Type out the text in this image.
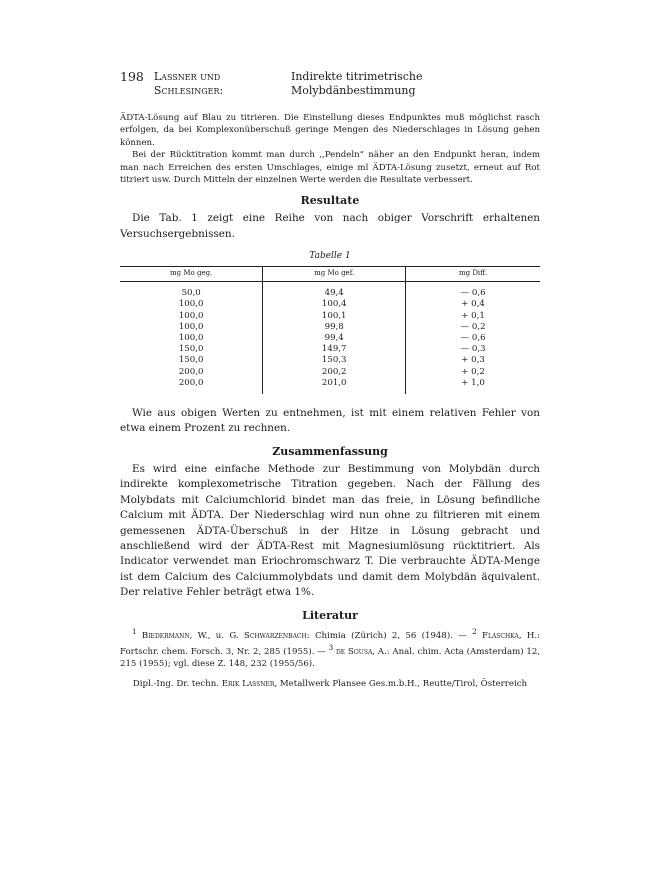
198 Lassner und Schlesinger:

Indirekte titrimetrische Molybdänbestimmung

ÄDTA-Lösung auf Blau zu titrieren. Die Einstellung dieses Endpunktes muß möglichst rasch erfolgen, da bei Komplexonüberschuß geringe Mengen des Niederschlages in Lösung gehen können.

Bei der Rücktitration kommt man durch ,,Pendeln“ näher an den Endpunkt heran, indem man nach Erreichen des ersten Umschlages, einige ml ÄDTA-Lösung zusetzt, erneut auf Rot titriert usw. Durch Mitteln der einzelnen Werte werden die Resultate verbessert.

Resultate

Die Tab. 1 zeigt eine Reihe von nach obiger Vorschrift erhaltenen Versuchsergebnissen.

Tabelle 1
mg Mo geg.	mg Mo gef.	mg Diff.
50,0	49,4	— 0,6
100,0	100,4	+ 0,4
100,0	100,1	+ 0,1
100,0	99,8	— 0,2
100,0	99,4	— 0,6
150,0	149,7	— 0,3
150,0	150,3	+ 0,3
200,0	200,2	+ 0,2
200,0	201,0	+ 1,0

Wie aus obigen Werten zu entnehmen, ist mit einem relativen Fehler von etwa einem Prozent zu rechnen.

Zusammenfassung

Es wird eine einfache Methode zur Bestimmung von Molybdän durch indirekte komplexometrische Titration gegeben. Nach der Fällung des Molybdats mit Calciumchlorid bindet man das freie, in Lösung befindliche Calcium mit ÄDTA. Der Niederschlag wird nun ohne zu filtrieren mit einem gemessenen ÄDTA-Überschuß in der Hitze in Lösung gebracht und anschließend wird der ÄDTA-Rest mit Magnesiumlösung rücktitriert. Als Indicator verwendet man Eriochromschwarz T. Die verbrauchte ÄDTA-Menge ist dem Calcium des Calciummolybdats und damit dem Molybdän äquivalent. Der relative Fehler beträgt etwa 1%.

Literatur

$^1$ Biedermann, W., u. G. Schwarzenbach: Chimia (Zürich) 2, 56 (1948). — $^2$ Flaschka, H.: Fortschr. chem. Forsch. 3, Nr. 2, 285 (1955). — $^3$ de Sousa, A.: Anal. chim. Acta (Amsterdam) 12, 215 (1955); vgl. diese Z. 148, 232 (1955/56).

Dipl.-Ing. Dr. techn. Erik Lassner, Metallwerk Plansee Ges.m.b.H., Reutte/Tirol, Österreich
